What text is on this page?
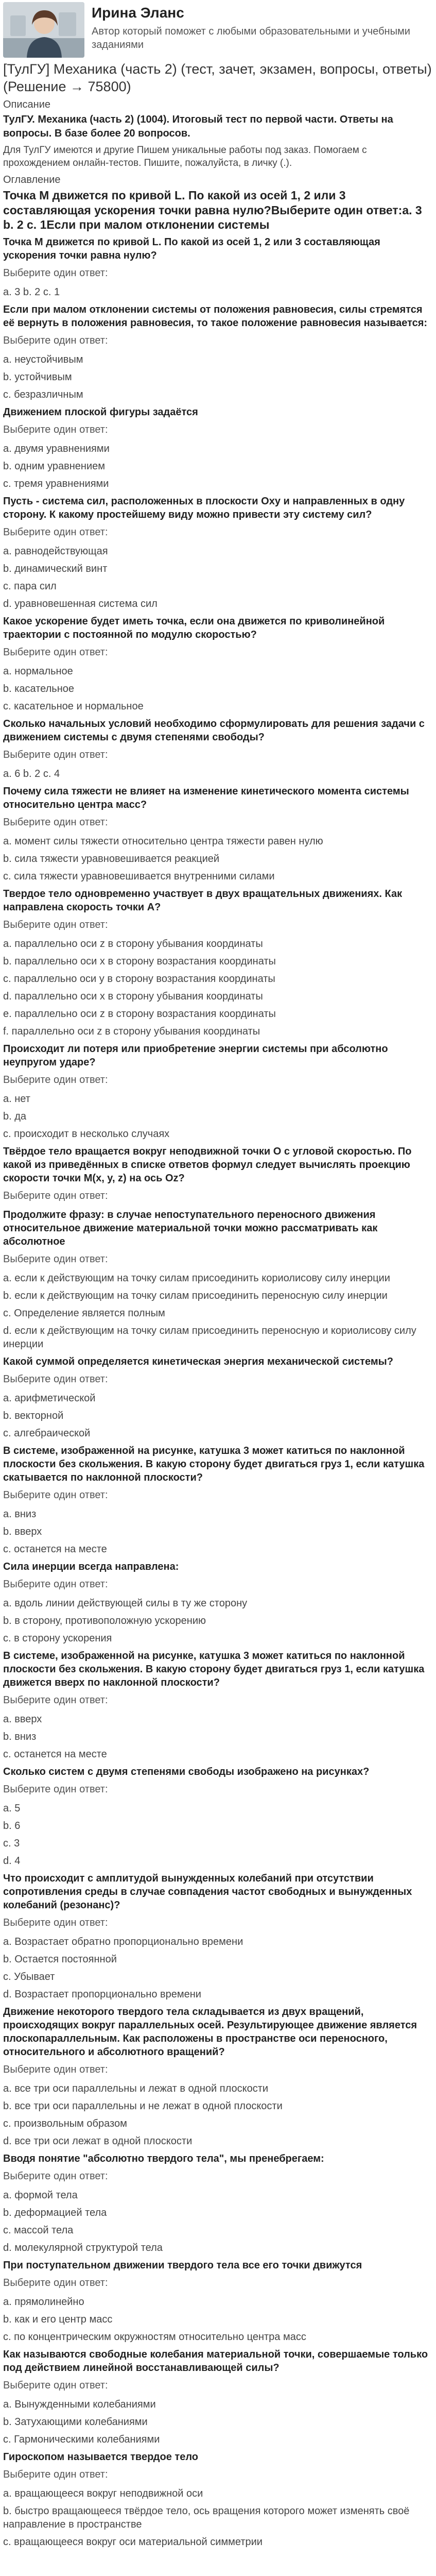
Ирина Эланс
Автор который поможет с любыми образовательными и учебными заданиями
[ТулГУ] Механика (часть 2) (тест, зачет, экзамен, вопросы, ответы) (Решение → 75800)
Описание
ТулГУ. Механика (часть 2) (1004). Итоговый тест по первой части. Ответы на вопросы. В базе более 20 вопросов.
Для ТулГУ имеются и другие Пишем уникальные работы под заказ. Помогаем с прохождением онлайн-тестов. Пишите, пожалуйста, в личку (.).
Оглавление
Точка M движется по кривой L. По какой из осей 1, 2 или 3 составляющая ускорения точки равна нулю?Выберите один ответ:a. 3 b. 2 c. 1Если при малом отклонении системы
Точка M движется по кривой L. По какой из осей 1, 2 или 3 составляющая ускорения точки равна нулю?
Выберите один ответ:
a. 3 b. 2 c. 1
Если при малом отклонении системы от положения равновесия, силы стремятся её вернуть в положения равновесия, то такое положение равновесия называется:
Выберите один ответ:
a. неустойчивым
b. устойчивым
c. безразличным
Движением плоской фигуры задаётся
Выберите один ответ:
a. двумя уравнениями
b. одним уравнением
c. тремя уравнениями
Пусть - система сил, расположенных в плоскости Oxy и направленных в одну сторону. К какому простейшему виду можно привести эту систему сил?
Выберите один ответ:
a. равнодействующая
b. динамический винт
c. пара сил
d. уравновешенная система сил
Какое ускорение будет иметь точка, если она движется по криволинейной траектории с постоянной по модулю скоростью?
Выберите один ответ:
a. нормальное
b. касательное
c. касательное и нормальное
Сколько начальных условий необходимо сформулировать для решения задачи с движением системы с двумя степенями свободы?
Выберите один ответ:
a. 6 b. 2 c. 4
Почему сила тяжести не влияет на изменение кинетического момента системы относительно центра масс?
Выберите один ответ:
a. момент силы тяжести относительно центра тяжести равен нулю
b. сила тяжести уравновешивается реакцией
c. сила тяжести уравновешивается внутренними силами
Твердое тело одновременно участвует в двух вращательных движениях. Как направлена скорость точки A?
Выберите один ответ:
a. параллельно оси z в сторону убывания координаты
b. параллельно оси x в сторону возрастания координаты
c. параллельно оси y в сторону возрастания координаты
d. параллельно оси x в сторону убывания координаты
e. параллельно оси z в сторону возрастания координаты
f. параллельно оси z в сторону убывания координаты
Происходит ли потеря или приобретение энергии системы при абсолютно неупругом ударе?
Выберите один ответ:
a. нет
b. да
c. происходит в несколько случаях
Твёрдое тело вращается вокруг неподвижной точки O с угловой скоростью. По какой из приведённых в списке ответов формул следует вычислять проекцию скорости точки M(x, y, z) на ось Oz?
Выберите один ответ:
Продолжите фразу: в случае непоступательного переносного движения относительное движение материальной точки можно рассматривать как абсолютное
Выберите один ответ:
a. если к действующим на точку силам присоединить кориолисову силу инерции
b. если к действующим на точку силам присоединить переносную силу инерции
c. Определение является полным
d. если к действующим на точку силам присоединить переносную и кориолисову силу инерции
Какой суммой определяется кинетическая энергия механической системы?
Выберите один ответ:
a. арифметической
b. векторной
c. алгебраической
В системе, изображенной на рисунке, катушка 3 может катиться по наклонной плоскости без скольжения. В какую сторону будет двигаться груз 1, если катушка скатывается по наклонной плоскости?
Выберите один ответ:
a. вниз
b. вверх
c. останется на месте
Сила инерции всегда направлена:
Выберите один ответ:
a. вдоль линии действующей силы в ту же сторону
b. в сторону, противоположную ускорению
c. в сторону ускорения
В системе, изображенной на рисунке, катушка 3 может катиться по наклонной плоскости без скольжения. В какую сторону будет двигаться груз 1, если катушка движется вверх по наклонной плоскости?
Выберите один ответ:
a. вверх
b. вниз
c. останется на месте
Сколько систем с двумя степенями свободы изображено на рисунках?
Выберите один ответ:
a. 5
b. 6
c. 3
d. 4
Что происходит с амплитудой вынужденных колебаний при отсутствии сопротивления среды в случае совпадения частот свободных и вынужденных колебаний (резонанс)?
Выберите один ответ:
a. Возрастает обратно пропорционально времени
b. Остается постоянной
c. Убывает
d. Возрастает пропорционально времени
Движение некоторого твердого тела складывается из двух вращений, происходящих вокруг параллельных осей. Результирующее движение является плоскопараллельным. Как расположены в пространстве оси переносного, относительного и абсолютного вращений?
Выберите один ответ:
a. все три оси параллельны и лежат в одной плоскости
b. все три оси параллельны и не лежат в одной плоскости
c. произвольным образом
d. все три оси лежат в одной плоскости
Вводя понятие "абсолютно твердого тела", мы пренебрегаем:
Выберите один ответ:
a. формой тела
b. деформацией тела
c. массой тела
d. молекулярной структурой тела
При поступательном движении твердого тела все его точки движутся
Выберите один ответ:
a. прямолинейно
b. как и его центр масс
c. по концентрическим окружностям относительно центра масс
Как называются свободные колебания материальной точки, совершаемые только под действием линейной восстанавливающей силы?
Выберите один ответ:
a. Вынужденными колебаниями
b. Затухающими колебаниями
c. Гармоническими колебаниями
Гироскопом называется твердое тело
Выберите один ответ:
a. вращающееся вокруг неподвижной оси
b. быстро вращающееся твёрдое тело, ось вращения которого может изменять своё направление в пространстве
c. вращающееся вокруг оси материальной симметрии
